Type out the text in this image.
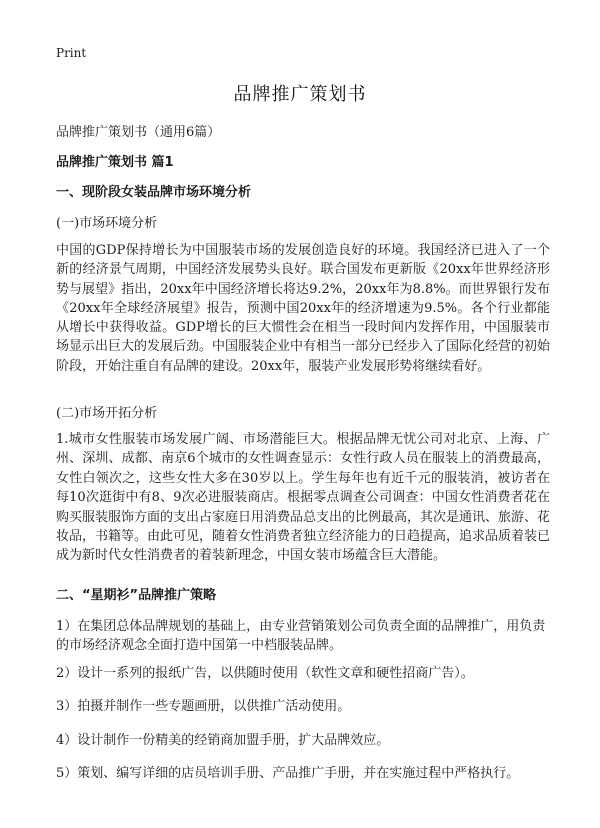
Print
品牌推广策划书
品牌推广策划书（通用6篇）
品牌推广策划书 篇1
一、现阶段女装品牌市场环境分析
(一)市场环境分析
中国的GDP保持增长为中国服装市场的发展创造良好的环境。我国经济已进入了一个新的经济景气周期，中国经济发展势头良好。联合国发布更新版《20xx年世界经济形势与展望》指出，20xx年中国经济增长将达9.2%，20xx年为8.8%。而世界银行发布《20xx年全球经济展望》报告，预测中国20xx年的经济增速为9.5%。各个行业都能从增长中获得收益。GDP增长的巨大惯性会在相当一段时间内发挥作用，中国服装市场显示出巨大的发展后劲。中国服装企业中有相当一部分已经步入了国际化经营的初始阶段，开始注重自有品牌的建设。20xx年，服装产业发展形势将继续看好。
(二)市场开拓分析
1.城市女性服装市场发展广阔、市场潜能巨大。根据品牌无忧公司对北京、上海、广州、深圳、成都、南京6个城市的女性调查显示：女性行政人员在服装上的消费最高，女性白领次之，这些女性大多在30岁以上。学生每年也有近千元的服装消，被访者在每10次逛街中有8、9次必进服装商店。根据零点调查公司调查：中国女性消费者花在购买服装服饰方面的支出占家庭日用消费品总支出的比例最高，其次是通讯、旅游、花妆品，书籍等。由此可见，随着女性消费者独立经济能力的日趋提高，追求品质着装已成为新时代女性消费者的着装新理念，中国女装市场蕴含巨大潜能。
二、“星期衫”品牌推广策略
1）在集团总体品牌规划的基础上，由专业营销策划公司负责全面的品牌推广，用负责的市场经济观念全面打造中国第一中档服装品牌。
2）设计一系列的报纸广告，以供随时使用（软性文章和硬性招商广告）。
3）拍摄并制作一些专题画册，以供推广活动使用。
4）设计制作一份精美的经销商加盟手册，扩大品牌效应。
5）策划、编写详细的店员培训手册、产品推广手册，并在实施过程中严格执行。
